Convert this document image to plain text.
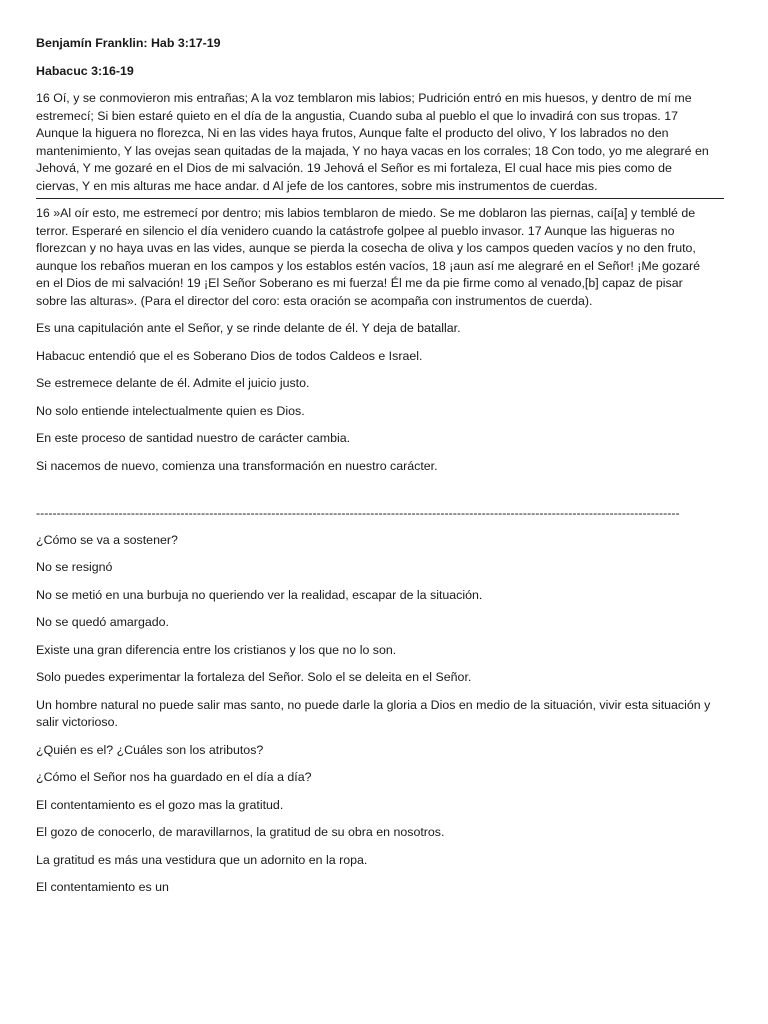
Benjamín Franklin: Hab 3:17-19

Habacuc 3:16-19

16 Oí, y se conmovieron mis entrañas; A la voz temblaron mis labios; Pudrición entró en mis huesos, y dentro de mí me estremecí; Si bien estaré quieto en el día de la angustia, Cuando suba al pueblo el que lo invadirá con sus tropas. 17 Aunque la higuera no florezca, Ni en las vides haya frutos, Aunque falte el producto del olivo, Y los labrados no den mantenimiento, Y las ovejas sean quitadas de la majada, Y no haya vacas en los corrales; 18 Con todo, yo me alegraré en Jehová, Y me gozaré en el Dios de mi salvación. 19 Jehová el Señor es mi fortaleza, El cual hace mis pies como de ciervas, Y en mis alturas me hace andar. d Al jefe de los cantores, sobre mis instrumentos de cuerdas.

16 »Al oír esto, me estremecí por dentro; mis labios temblaron de miedo. Se me doblaron las piernas, caí[a] y temblé de terror. Esperaré en silencio el día venidero cuando la catástrofe golpee al pueblo invasor. 17 Aunque las higueras no florezcan y no haya uvas en las vides, aunque se pierda la cosecha de oliva y los campos queden vacíos y no den fruto, aunque los rebaños mueran en los campos y los establos estén vacíos, 18 ¡aun así me alegraré en el Señor! ¡Me gozaré en el Dios de mi salvación! 19 ¡El Señor Soberano es mi fuerza! Él me da pie firme como al venado,[b] capaz de pisar sobre las alturas». (Para el director del coro: esta oración se acompaña con instrumentos de cuerda).

Es una capitulación ante el Señor, y se rinde delante de él. Y deja de batallar.

Habacuc entendió que el es Soberano Dios de todos Caldeos e Israel.

Se estremece delante de él. Admite el juicio justo.

No solo entiende intelectualmente quien es Dios.

En este proceso de santidad nuestro de carácter cambia.

Si nacemos de nuevo, comienza una transformación en nuestro carácter.

------------------------------------------------------------------------------------------------------------------------------------------------------------

¿Cómo se va a sostener?

No se resignó

No se metió en una burbuja no queriendo ver la realidad, escapar de la situación.

No se quedó amargado.

Existe una gran diferencia entre los cristianos y los que no lo son.

Solo puedes experimentar la fortaleza del Señor. Solo el se deleita en el Señor.

Un hombre natural no puede salir mas santo, no puede darle la gloria a Dios en medio de la situación, vivir esta situación y salir victorioso.

¿Quién es el? ¿Cuáles son los atributos?

¿Cómo el Señor nos ha guardado en el día a día?

El contentamiento es el gozo mas la gratitud.

El gozo de conocerlo, de maravillarnos, la gratitud de su obra en nosotros.

La gratitud es más una vestidura que un adornito en la ropa.

El contentamiento es un
